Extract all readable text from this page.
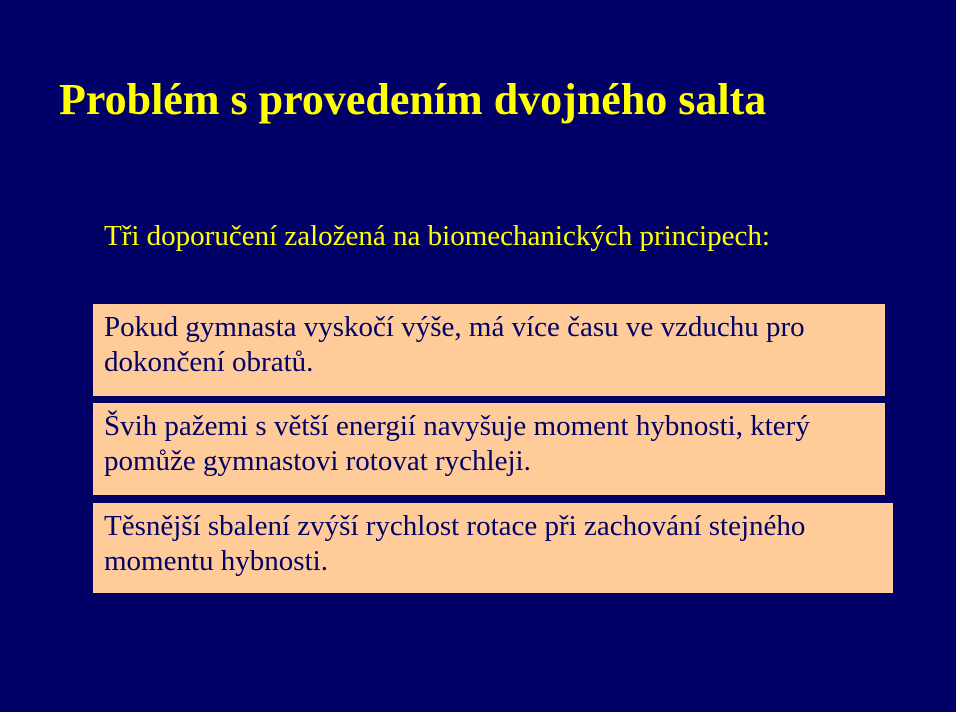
Problém s provedením dvojného salta

Tři doporučení založená na biomechanických principech:

Pokud gymnasta vyskočí výše, má více času ve vzduchu pro dokončení obratů.
Švih pažemi s větší energií navyšuje moment hybnosti, který pomůže gymnastovi rotovat rychleji.
Těsnější sbalení zvýší rychlost rotace při zachování stejného momentu hybnosti.
